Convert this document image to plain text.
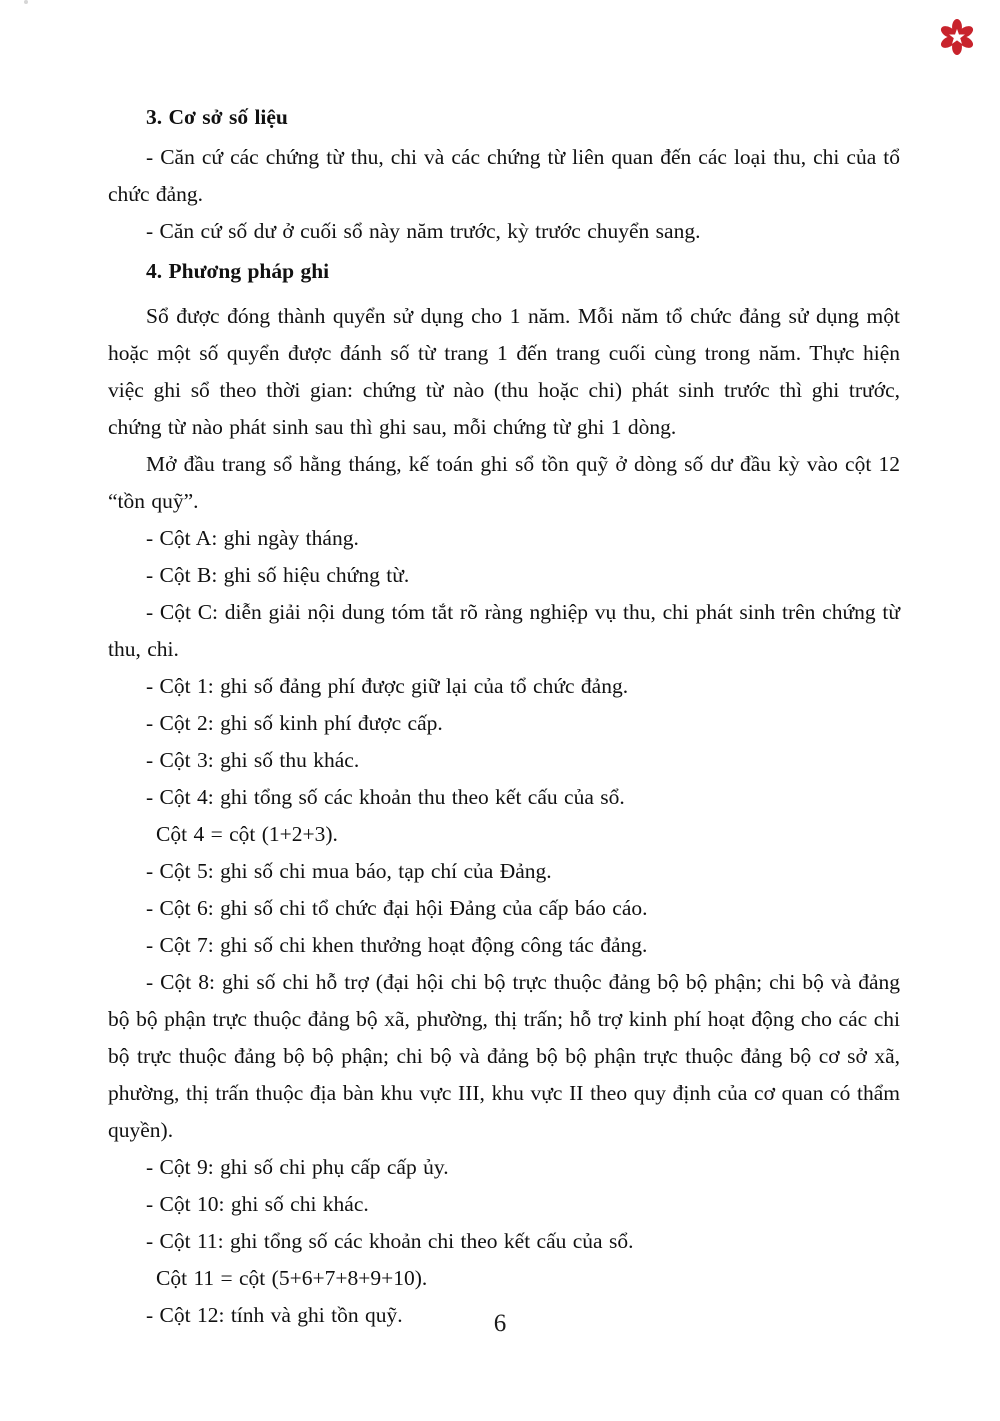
3. Cơ sở số liệu

- Căn cứ các chứng từ thu, chi và các chứng từ liên quan đến các loại thu, chi của tổ chức đảng.

- Căn cứ số dư ở cuối sổ này năm trước, kỳ trước chuyển sang.

4. Phương pháp ghi

Sổ được đóng thành quyển sử dụng cho 1 năm. Mỗi năm tổ chức đảng sử dụng một hoặc một số quyển được đánh số từ trang 1 đến trang cuối cùng trong năm. Thực hiện việc ghi sổ theo thời gian: chứng từ nào (thu hoặc chi) phát sinh trước thì ghi trước, chứng từ nào phát sinh sau thì ghi sau, mỗi chứng từ ghi 1 dòng.

Mở đầu trang sổ hằng tháng, kế toán ghi sổ tồn quỹ ở dòng số dư đầu kỳ vào cột 12 “tồn quỹ”.

- Cột A: ghi ngày tháng.

- Cột B: ghi số hiệu chứng từ.

- Cột C: diễn giải nội dung tóm tắt rõ ràng nghiệp vụ thu, chi phát sinh trên chứng từ thu, chi.

- Cột 1: ghi số đảng phí được giữ lại của tổ chức đảng.

- Cột 2: ghi số kinh phí được cấp.

- Cột 3: ghi số thu khác.

- Cột 4: ghi tổng số các khoản thu theo kết cấu của sổ.

Cột 4 = cột (1+2+3).

- Cột 5: ghi số chi mua báo, tạp chí của Đảng.

- Cột 6: ghi số chi tổ chức đại hội Đảng của cấp báo cáo.

- Cột 7: ghi số chi khen thưởng hoạt động công tác đảng.

- Cột 8: ghi số chi hỗ trợ (đại hội chi bộ trực thuộc đảng bộ bộ phận; chi bộ và đảng bộ bộ phận trực thuộc đảng bộ xã, phường, thị trấn; hỗ trợ kinh phí hoạt động cho các chi bộ trực thuộc đảng bộ bộ phận; chi bộ và đảng bộ bộ phận trực thuộc đảng bộ cơ sở xã, phường, thị trấn thuộc địa bàn khu vực III, khu vực II theo quy định của cơ quan có thẩm quyền).

- Cột 9: ghi số chi phụ cấp cấp ủy.

- Cột 10: ghi số chi khác.

- Cột 11: ghi tổng số các khoản chi theo kết cấu của sổ.

Cột 11 = cột (5+6+7+8+9+10).

- Cột 12: tính và ghi tồn quỹ.	6
